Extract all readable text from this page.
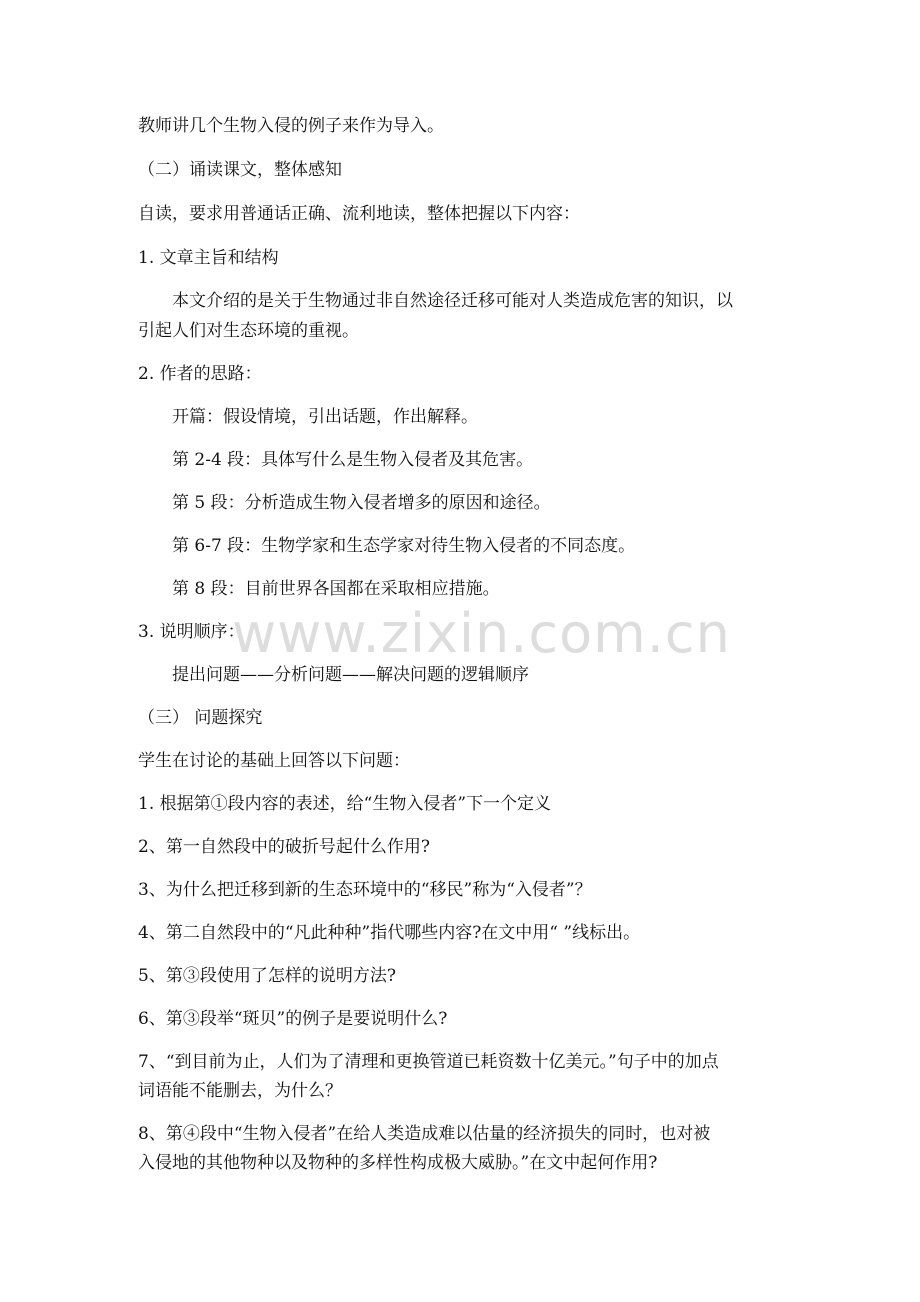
www.zixin.com.cn
教师讲几个生物入侵的例子来作为导入。
（二）诵读课文，整体感知
自读，要求用普通话正确、流利地读，整体把握以下内容：
1. 文章主旨和结构
本文介绍的是关于生物通过非自然途径迁移可能对人类造成危害的知识，以
引起人们对生态环境的重视。
2. 作者的思路：
开篇：假设情境，引出话题，作出解释。
第 2-4 段：具体写什么是生物入侵者及其危害。
第 5 段：分析造成生物入侵者增多的原因和途径。
第 6-7 段：生物学家和生态学家对待生物入侵者的不同态度。
第 8 段：目前世界各国都在采取相应措施。
3. 说明顺序：
提出问题——分析问题——解决问题的逻辑顺序
（三） 问题探究
学生在讨论的基础上回答以下问题：
1. 根据第①段内容的表述，给“生物入侵者”下一个定义
2、第一自然段中的破折号起什么作用?
3、为什么把迁移到新的生态环境中的“移民”称为“入侵者”？
4、第二自然段中的“凡此种种”指代哪些内容?在文中用“ ”线标出。
5、第③段使用了怎样的说明方法?
6、第③段举“斑贝”的例子是要说明什么?
7、“到目前为止，人们为了清理和更换管道已耗资数十亿美元。”句子中的加点
词语能不能删去，为什么？
8、第④段中“生物入侵者”在给人类造成难以估量的经济损失的同时，也对被
入侵地的其他物种以及物种的多样性构成极大威胁。”在文中起何作用?
